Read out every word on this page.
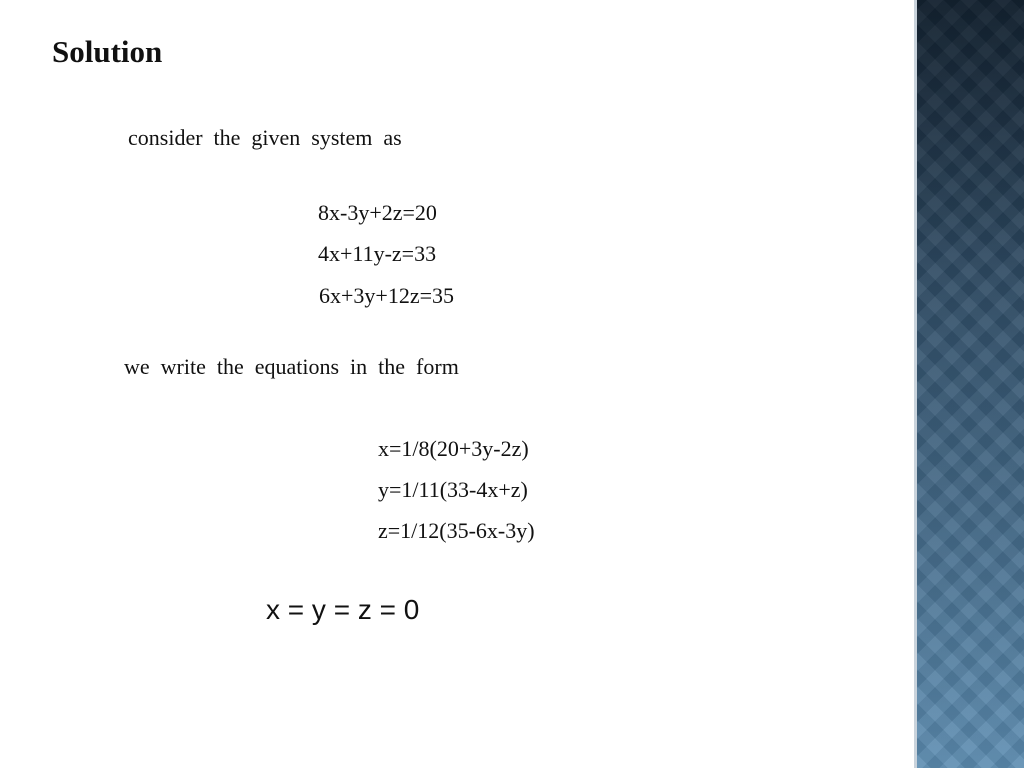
Solution

consider  the  given  system  as

8x-3y+2z=20

4x+11y-z=33

6x+3y+12z=35

we  write  the  equations  in  the  form

x=1/8(20+3y-2z)

y=1/11(33-4x+z)

z=1/12(35-6x-3y)

x = y = z = 0
